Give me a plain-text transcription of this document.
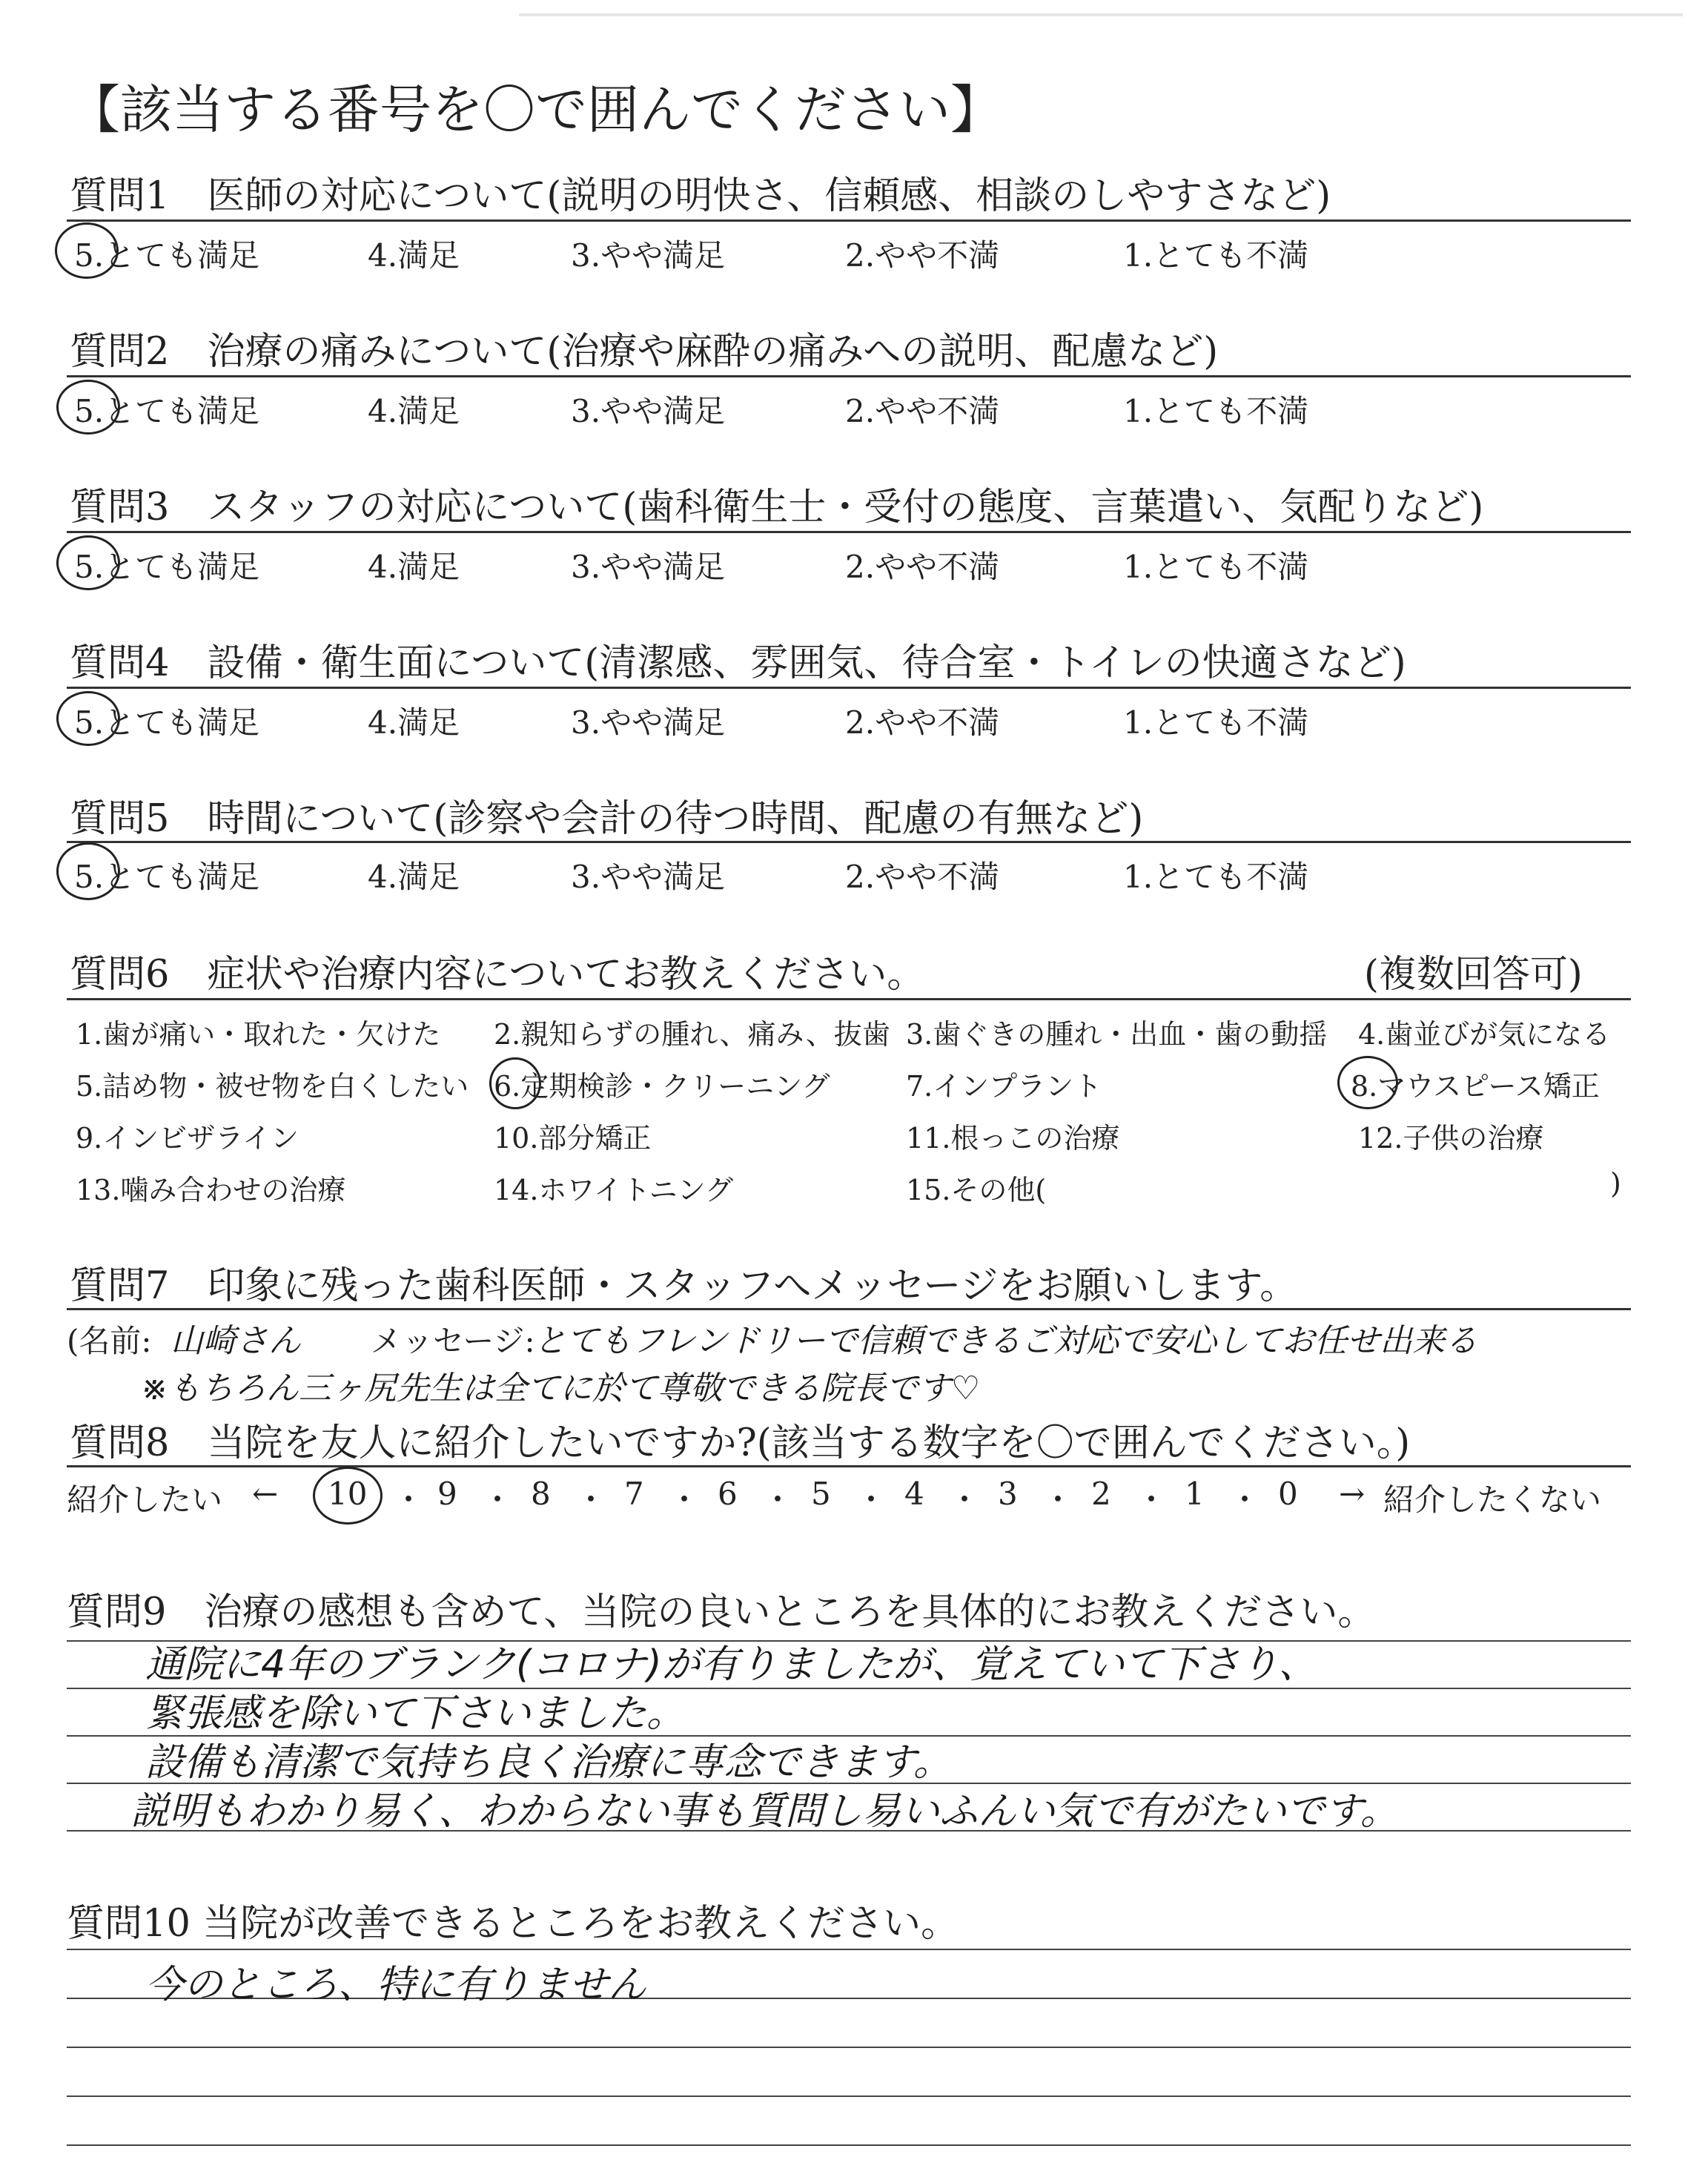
【該当する番号を〇で囲んでください】
質問1　医師の対応について(説明の明快さ、信頼感、相談のしやすさなど)
5.とても満足	4.満足	3.やや満足	2.やや不満	1.とても不満
質問2　治療の痛みについて(治療や麻酔の痛みへの説明、配慮など)
5.とても満足	4.満足	3.やや満足	2.やや不満	1.とても不満
質問3　スタッフの対応について(歯科衛生士・受付の態度、言葉遣い、気配りなど)
5.とても満足	4.満足	3.やや満足	2.やや不満	1.とても不満
質問4　設備・衛生面について(清潔感、雰囲気、待合室・トイレの快適さなど)
5.とても満足	4.満足	3.やや満足	2.やや不満	1.とても不満
質問5　時間について(診察や会計の待つ時間、配慮の有無など)
5.とても満足	4.満足	3.やや満足	2.やや不満	1.とても不満
質問6　症状や治療内容についてお教えください。	(複数回答可)
1.歯が痛い・取れた・欠けた 2.親知らずの腫れ、痛み、抜歯 3.歯ぐきの腫れ・出血・歯の動揺 4.歯並びが気になる
5.詰め物・被せ物を白くしたい 6.定期検診・クリーニング	7.インプラント	8.マウスピース矯正
9.インビザライン	10.部分矯正	11.根っこの治療	12.子供の治療
13.噛み合わせの治療	14.ホワイトニング	15.その他(	)
質問7　印象に残った歯科医師・スタッフへメッセージをお願いします。
(名前: 山崎さん メッセージ:
とてもフレンドリーで信頼できるご対応で安心してお任せ出来る
※もちろん三ヶ尻先生は全てに於て尊敬できる院長です♡
質問8　当院を友人に紹介したいですか?(該当する数字を〇で囲んでください。)
紹介したい ← 10 ・ 9 ・ 8 ・ 7 ・ 6 ・ 5 ・ 4 ・ 3 ・ 2 ・ 1 ・ 0 → 紹介したくない
質問9　治療の感想も含めて、当院の良いところを具体的にお教えください。
通院に4年のブランク(コロナ)が有りましたが、覚えていて下さり、
緊張感を除いて下さいました。
設備も清潔で気持ち良く治療に専念できます。
説明もわかり易く、わからない事も質問し易いふんい気で有がたいです。
質問10 当院が改善できるところをお教えください。
今のところ、特に有りません
